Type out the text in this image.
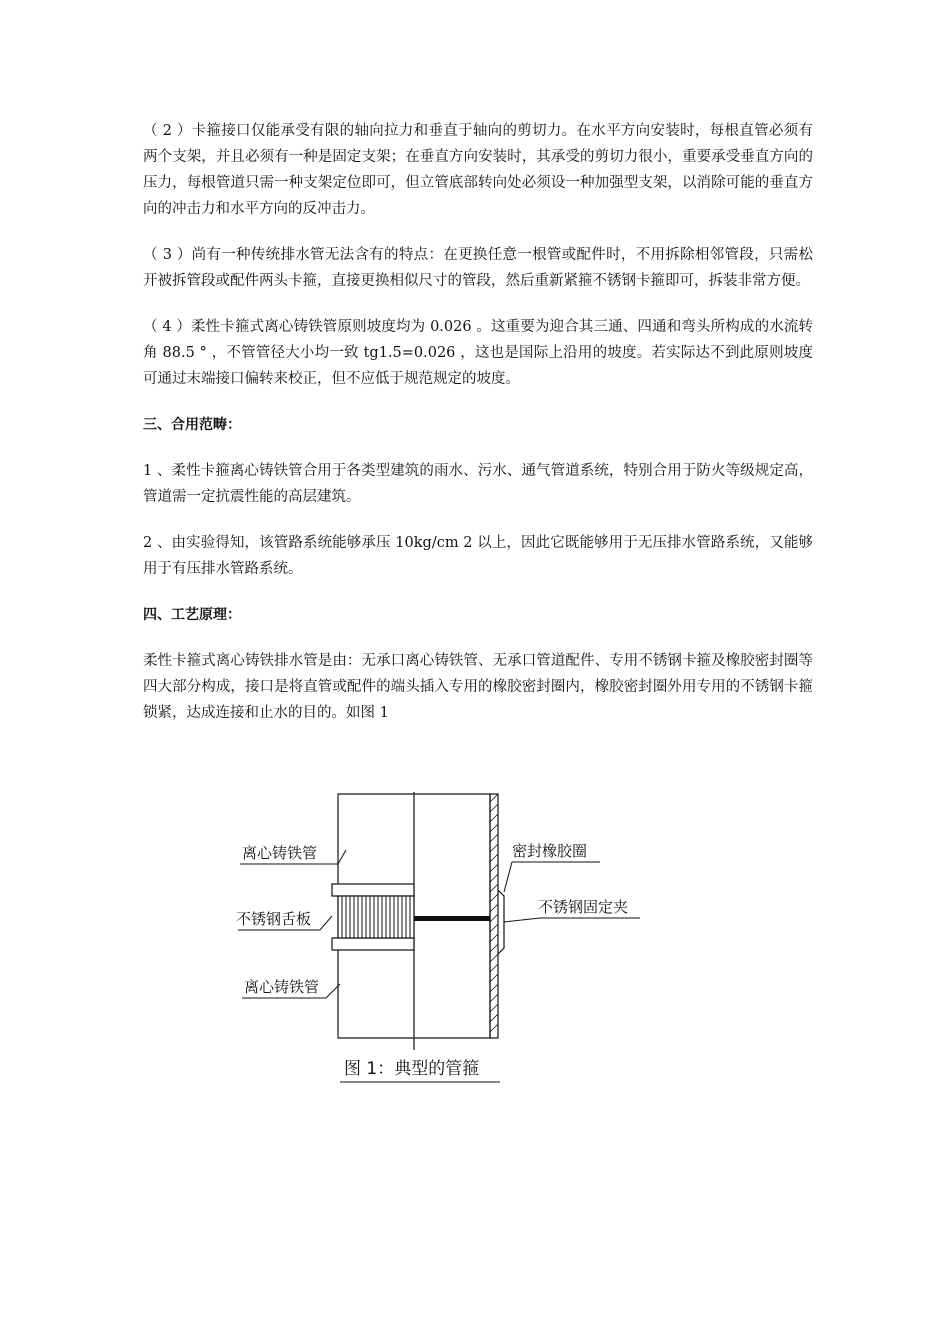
（ 2 ）卡箍接口仅能承受有限的轴向拉力和垂直于轴向的剪切力。在水平方向安装时，每根直管必须有两个支架，并且必须有一种是固定支架；在垂直方向安装时，其承受的剪切力很小，重要承受垂直方向的压力，每根管道只需一种支架定位即可，但立管底部转向处必须设一种加强型支架，以消除可能的垂直方向的冲击力和水平方向的反冲击力。

（ 3 ）尚有一种传统排水管无法含有的特点：在更换任意一根管或配件时，不用拆除相邻管段，只需松开被拆管段或配件两头卡箍，直接更换相似尺寸的管段，然后重新紧箍不锈钢卡箍即可，拆装非常方便。

（ 4 ）柔性卡箍式离心铸铁管原则坡度均为 0.026 。这重要为迎合其三通、四通和弯头所构成的水流转角 88.5 ° ，不管管径大小均一致 tg1.5=0.026 ，这也是国际上沿用的坡度。若实际达不到此原则坡度可通过末端接口偏转来校正，但不应低于规范规定的坡度。

三、合用范畴：

1 、柔性卡箍离心铸铁管合用于各类型建筑的雨水、污水、通气管道系统，特别合用于防火等级规定高，管道需一定抗震性能的高层建筑。

2 、由实验得知，该管路系统能够承压 10kg/cm 2 以上，因此它既能够用于无压排水管路系统，又能够用于有压排水管路系统。

四、工艺原理：

柔性卡箍式离心铸铁排水管是由：无承口离心铸铁管、无承口管道配件、专用不锈钢卡箍及橡胶密封圈等四大部分构成，接口是将直管或配件的端头插入专用的橡胶密封圈内，橡胶密封圈外用专用的不锈钢卡箍锁紧，达成连接和止水的目的。如图 1

离心铸铁管
不锈钢舌板
离心铸铁管
密封橡胶圈
不锈钢固定夹
图 1：典型的管箍
